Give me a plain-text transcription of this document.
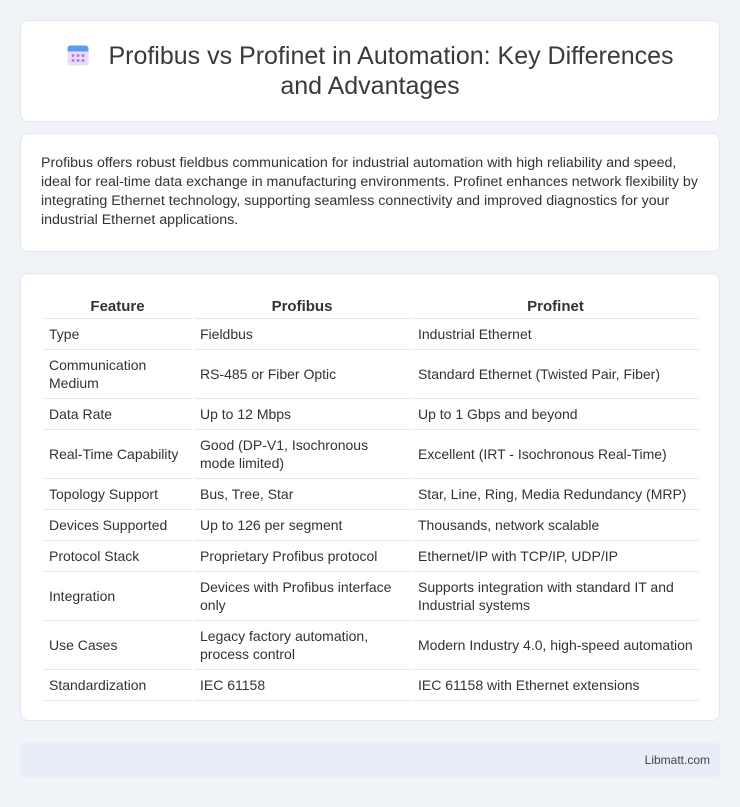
Profibus vs Profinet in Automation: Key Differences and Advantages

Profibus offers robust fieldbus communication for industrial automation with high reliability and speed, ideal for real-time data exchange in manufacturing environments. Profinet enhances network flexibility by integrating Ethernet technology, supporting seamless connectivity and improved diagnostics for your industrial Ethernet applications.

Feature	Profibus	Profinet
Type	Fieldbus	Industrial Ethernet
Communication Medium	RS-485 or Fiber Optic	Standard Ethernet (Twisted Pair, Fiber)
Data Rate	Up to 12 Mbps	Up to 1 Gbps and beyond
Real-Time Capability	Good (DP-V1, Isochronous mode limited)	Excellent (IRT - Isochronous Real-Time)
Topology Support	Bus, Tree, Star	Star, Line, Ring, Media Redundancy (MRP)
Devices Supported	Up to 126 per segment	Thousands, network scalable
Protocol Stack	Proprietary Profibus protocol	Ethernet/IP with TCP/IP, UDP/IP
Integration	Devices with Profibus interface only	Supports integration with standard IT and Industrial systems
Use Cases	Legacy factory automation, process control	Modern Industry 4.0, high-speed automation
Standardization	IEC 61158	IEC 61158 with Ethernet extensions
Libmatt.com
